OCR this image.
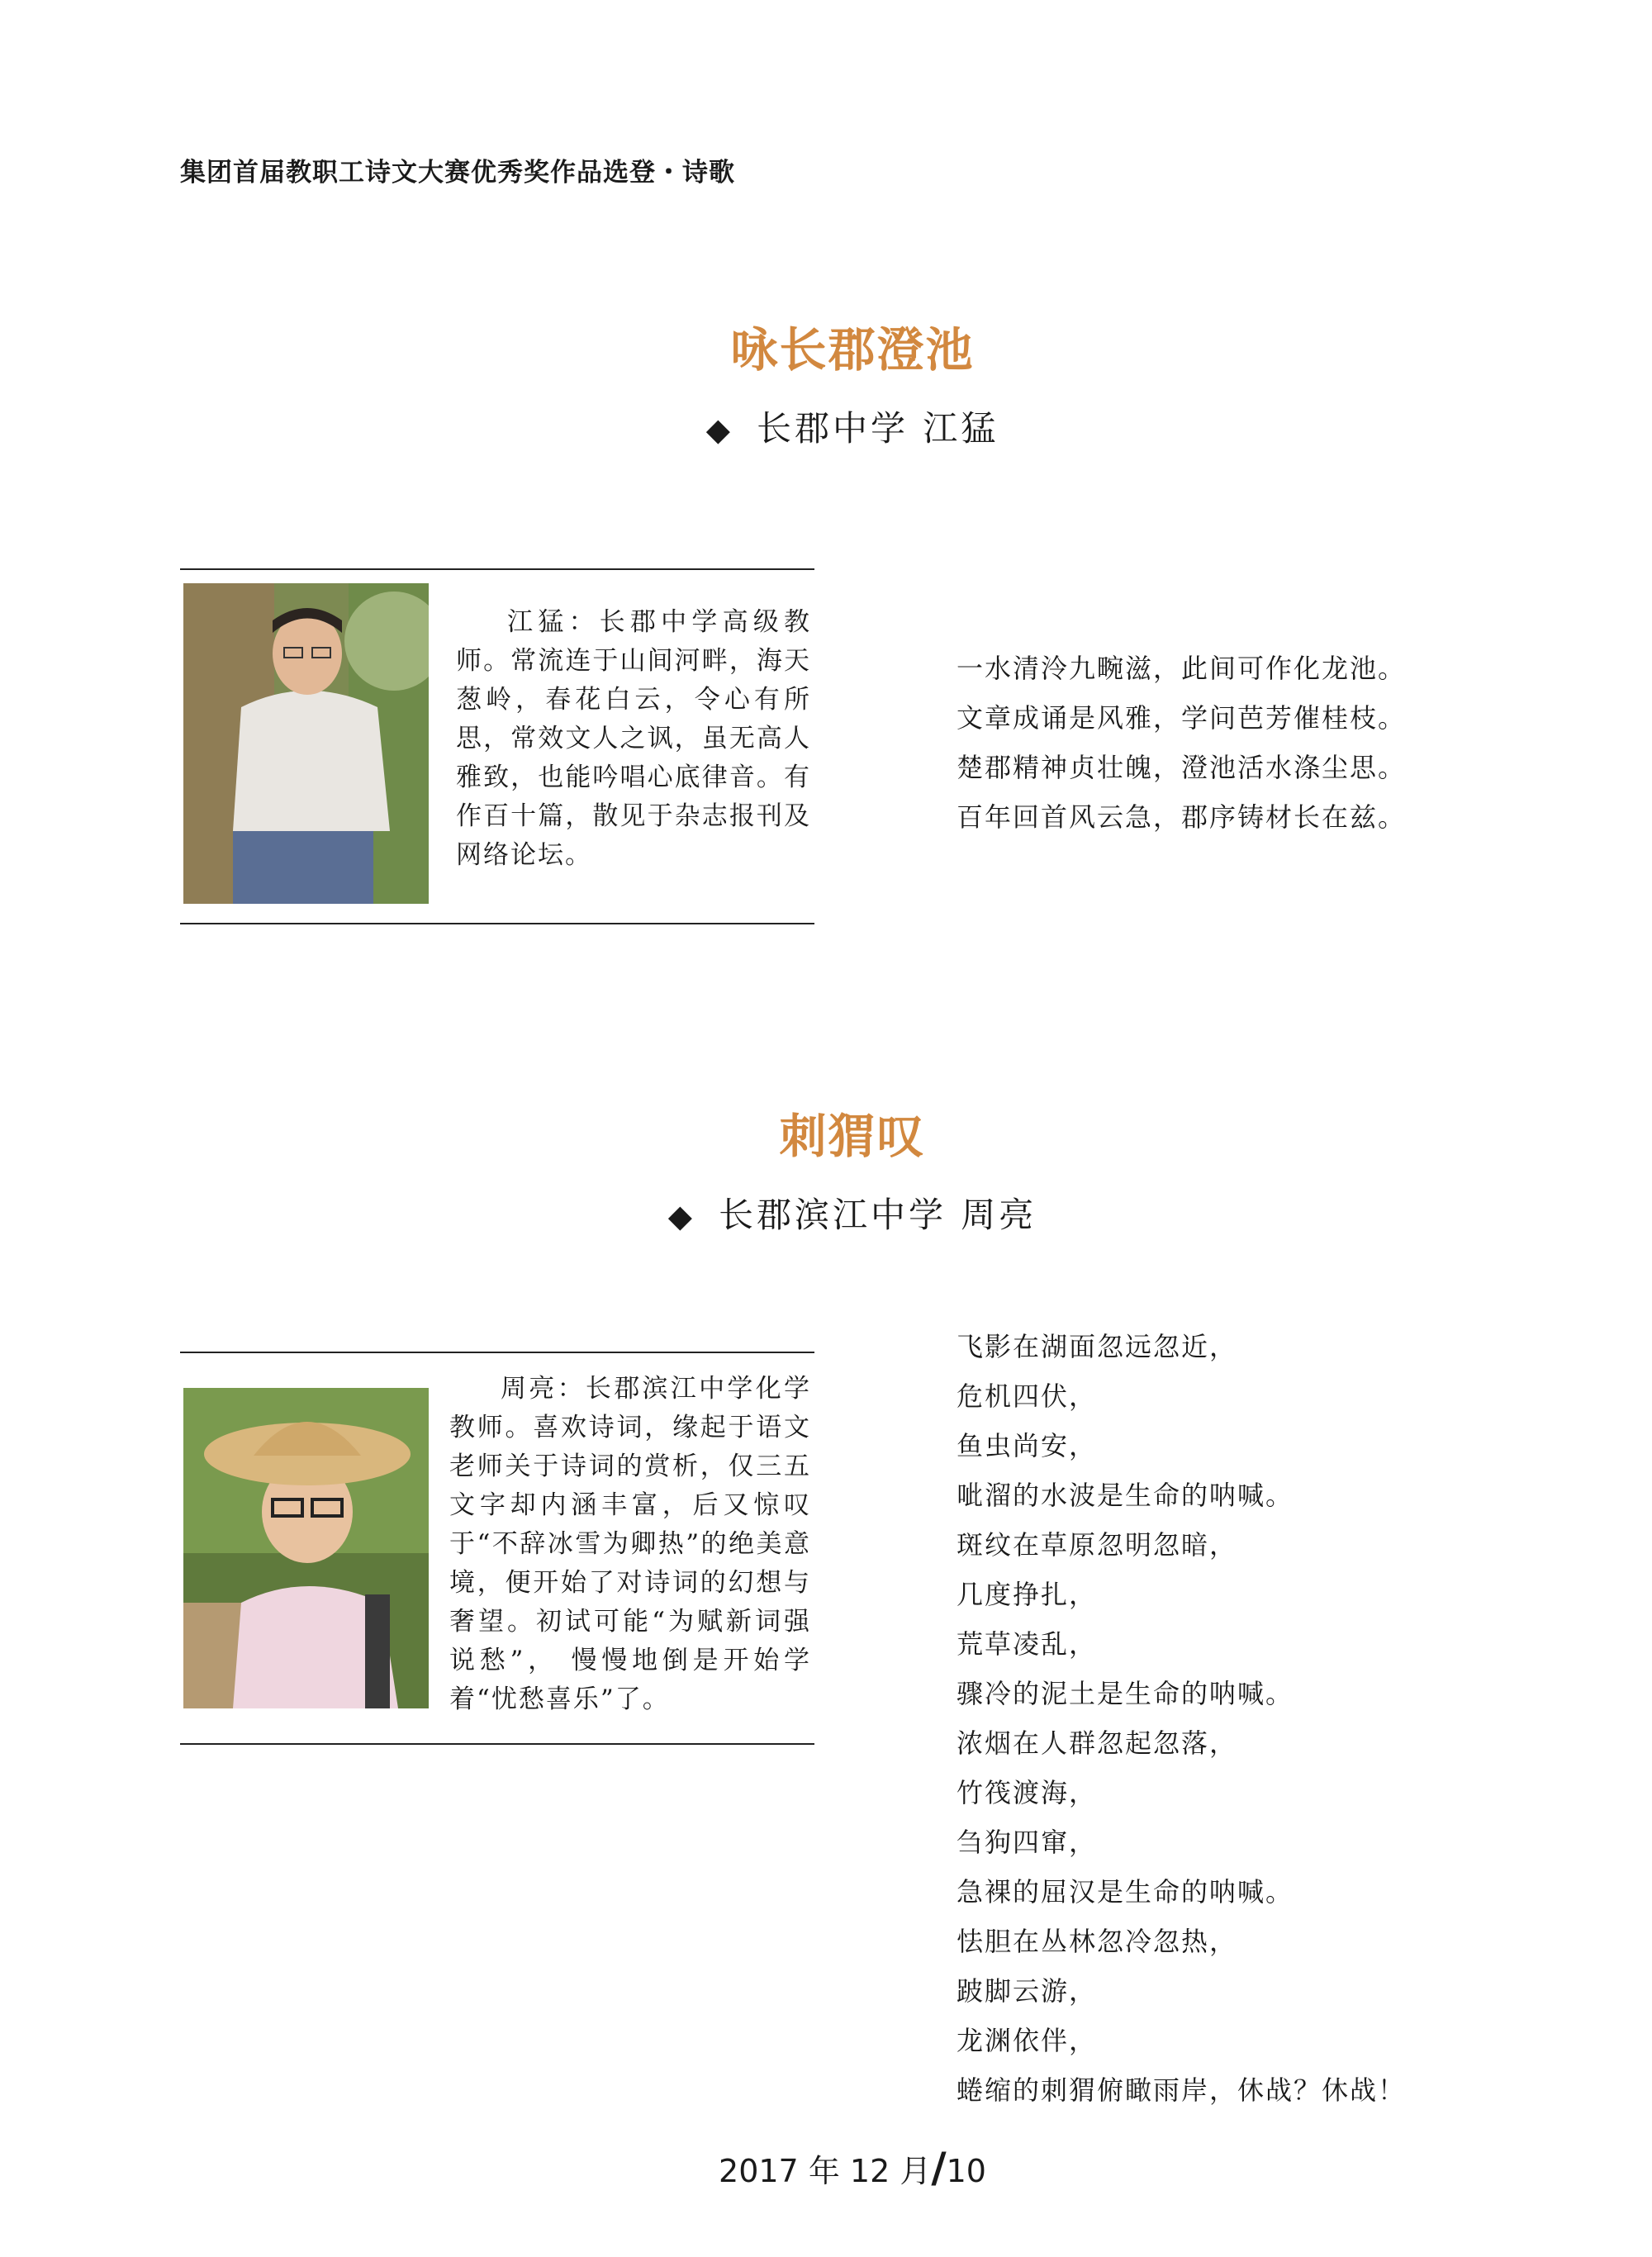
集团首届教职工诗文大赛优秀奖作品选登・诗歌
咏长郡澄池
◆ 长郡中学 江猛
江猛：长郡中学高级教师。常流连于山间河畔，海天葱岭，春花白云，令心有所思，常效文人之讽，虽无高人雅致，也能吟唱心底律音。有作百十篇，散见于杂志报刊及网络论坛。
一水清泠九畹滋，此间可作化龙池。
文章成诵是风雅，学问芭芳催桂枝。
楚郡精神贞壮魄，澄池活水涤尘思。
百年回首风云急，郡序铸材长在兹。
刺猬叹
◆ 长郡滨江中学 周亮
周亮：长郡滨江中学化学教师。喜欢诗词，缘起于语文老师关于诗词的赏析，仅三五文字却内涵丰富，后又惊叹于“不辞冰雪为卿热”的绝美意境，便开始了对诗词的幻想与奢望。初试可能“为赋新词强说愁”， 慢慢地倒是开始学着“忧愁喜乐”了。
飞影在湖面忽远忽近，
危机四伏，
鱼虫尚安，
呲溜的水波是生命的呐喊。
斑纹在草原忽明忽暗，
几度挣扎，
荒草凌乱，
骤冷的泥土是生命的呐喊。
浓烟在人群忽起忽落，
竹筏渡海，
刍狗四窜，
急裸的屈汉是生命的呐喊。
怯胆在丛林忽冷忽热，
跛脚云游，
龙渊依伴，
蜷缩的刺猬俯瞰雨岸，休战？休战！
2017 年 12 月/10
